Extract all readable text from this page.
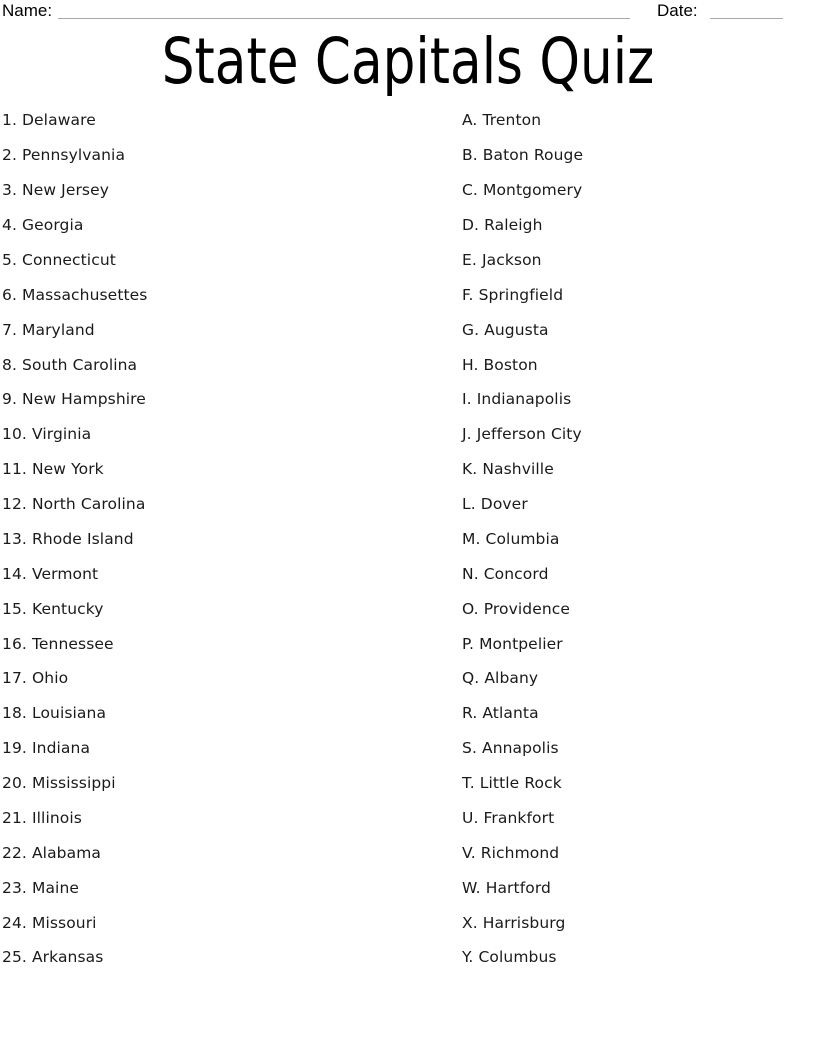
Name:	Date:
State Capitals Quiz
1. Delaware
2. Pennsylvania
3. New Jersey
4. Georgia
5. Connecticut
6. Massachusettes
7. Maryland
8. South Carolina
9. New Hampshire
10. Virginia
11. New York
12. North Carolina
13. Rhode Island
14. Vermont
15. Kentucky
16. Tennessee
17. Ohio
18. Louisiana
19. Indiana
20. Mississippi
21. Illinois
22. Alabama
23. Maine
24. Missouri
25. Arkansas
A. Trenton
B. Baton Rouge
C. Montgomery
D. Raleigh
E. Jackson
F. Springfield
G. Augusta
H. Boston
I. Indianapolis
J. Jefferson City
K. Nashville
L. Dover
M. Columbia
N. Concord
O. Providence
P. Montpelier
Q. Albany
R. Atlanta
S. Annapolis
T. Little Rock
U. Frankfort
V. Richmond
W. Hartford
X. Harrisburg
Y. Columbus
